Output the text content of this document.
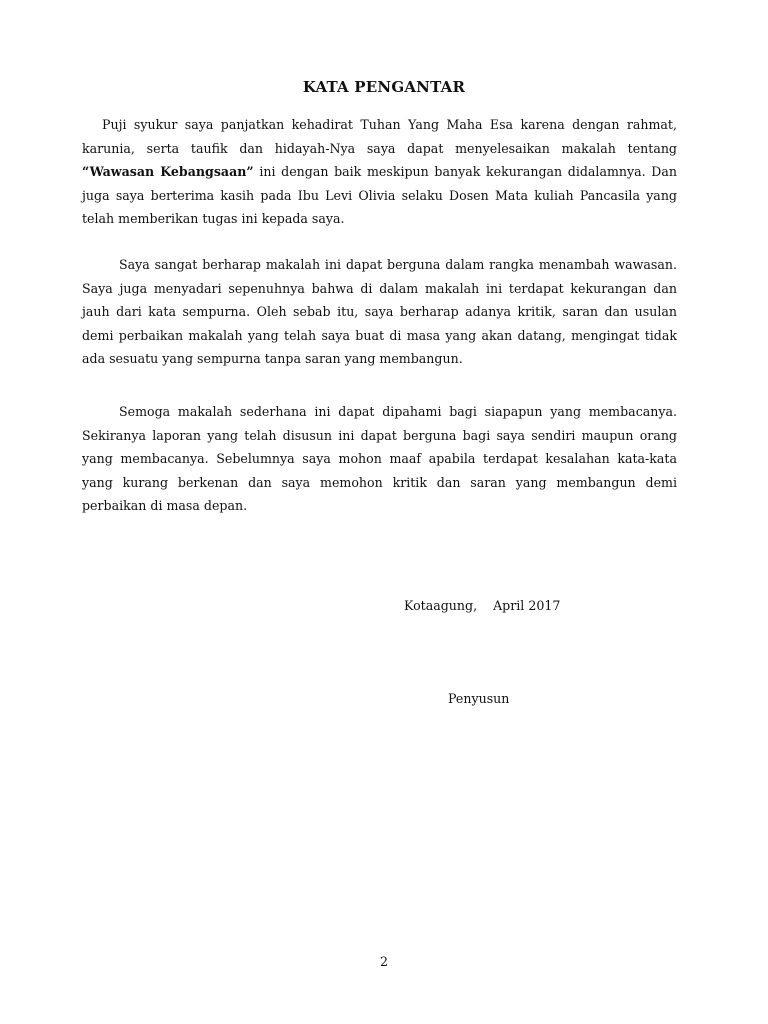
KATA PENGANTAR

Puji syukur saya panjatkan kehadirat Tuhan Yang Maha Esa karena dengan rahmat, karunia, serta taufik dan hidayah-Nya saya dapat menyelesaikan makalah tentang “Wawasan Kebangsaan” ini dengan baik meskipun banyak kekurangan didalamnya. Dan juga saya berterima kasih pada Ibu Levi Olivia selaku Dosen Mata kuliah Pancasila yang telah memberikan tugas ini kepada saya.

Saya sangat berharap makalah ini dapat berguna dalam rangka menambah wawasan. Saya juga menyadari sepenuhnya bahwa di dalam makalah ini terdapat kekurangan dan jauh dari kata sempurna. Oleh sebab itu, saya berharap adanya kritik, saran dan usulan demi perbaikan makalah yang telah saya buat di masa yang akan datang, mengingat tidak ada sesuatu yang sempurna tanpa saran yang membangun.

Semoga makalah sederhana ini dapat dipahami bagi siapapun yang membacanya. Sekiranya laporan yang telah disusun ini dapat berguna bagi saya sendiri maupun orang yang membacanya. Sebelumnya saya mohon maaf apabila terdapat kesalahan kata-kata yang kurang berkenan dan saya memohon kritik dan saran yang membangun demi perbaikan di masa depan.

Kotaagung,    April 2017
Penyusun
2
